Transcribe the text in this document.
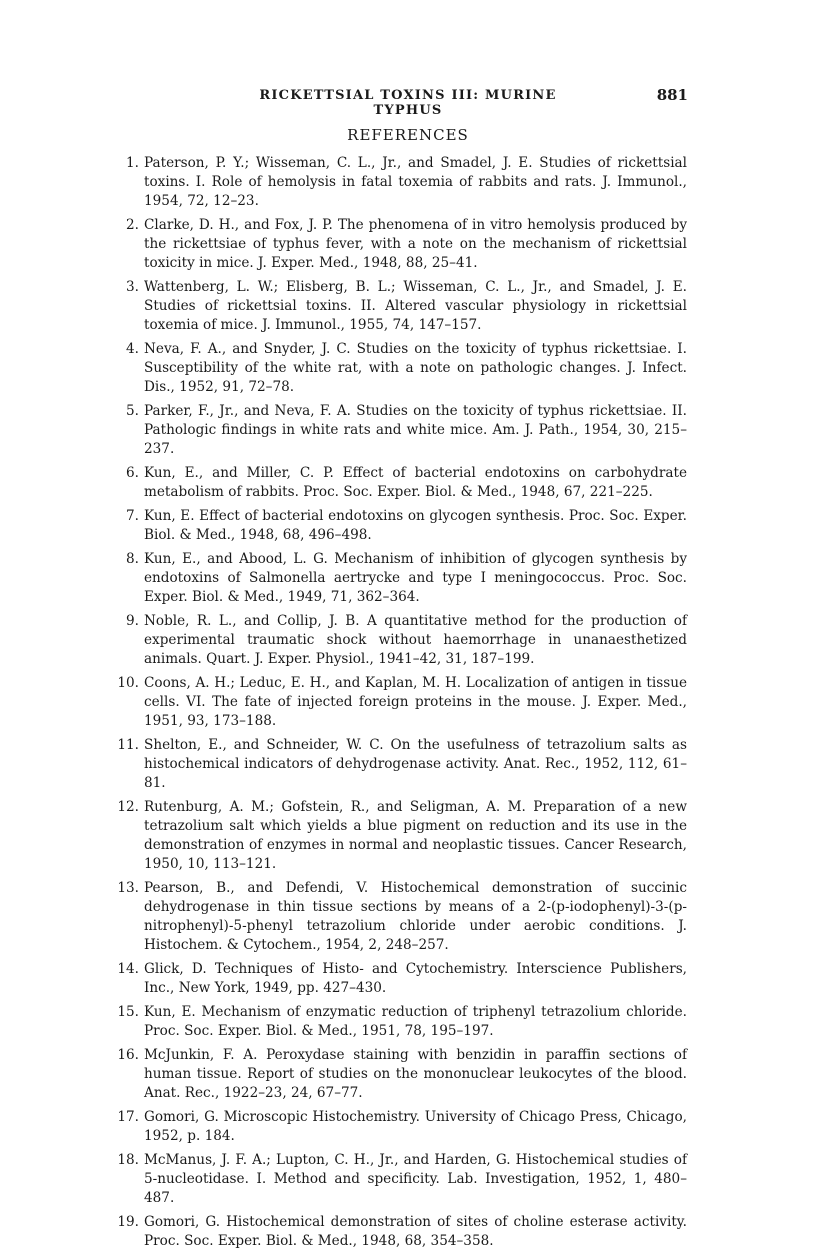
RICKETTSIAL TOXINS III: MURINE TYPHUS
881
REFERENCES
1 . Paterson, P. Y.; Wisseman, C. L., Jr., and Smadel, J. E. Studies of rickettsial toxins. I. Role of hemolysis in fatal toxemia of rabbits and rats. J. Immunol., 1954, 72, 12–23.
2 . Clarke, D. H., and Fox, J. P. The phenomena of in vitro hemolysis produced by the rickettsiae of typhus fever, with a note on the mechanism of rickettsial toxicity in mice. J. Exper. Med., 1948, 88, 25–41.
3 . Wattenberg, L. W.; Elisberg, B. L.; Wisseman, C. L., Jr., and Smadel, J. E. Studies of rickettsial toxins. II. Altered vascular physiology in rickettsial toxemia of mice. J. Immunol., 1955, 74, 147–157.
4 . Neva, F. A., and Snyder, J. C. Studies on the toxicity of typhus rickettsiae. I. Susceptibility of the white rat, with a note on pathologic changes. J. Infect. Dis., 1952, 91, 72–78.
5 . Parker, F., Jr., and Neva, F. A. Studies on the toxicity of typhus rickettsiae. II. Pathologic findings in white rats and white mice. Am. J. Path., 1954, 30, 215–237.
6 . Kun, E., and Miller, C. P. Effect of bacterial endotoxins on carbohydrate metabolism of rabbits. Proc. Soc. Exper. Biol. & Med., 1948, 67, 221–225.
7 . Kun, E. Effect of bacterial endotoxins on glycogen synthesis. Proc. Soc. Exper. Biol. & Med., 1948, 68, 496–498.
8 . Kun, E., and Abood, L. G. Mechanism of inhibition of glycogen synthesis by endotoxins of Salmonella aertrycke and type I meningococcus. Proc. Soc. Exper. Biol. & Med., 1949, 71, 362–364.
9 . Noble, R. L., and Collip, J. B. A quantitative method for the production of experimental traumatic shock without haemorrhage in unanaesthetized animals. Quart. J. Exper. Physiol., 1941–42, 31, 187–199.
10 . Coons, A. H.; Leduc, E. H., and Kaplan, M. H. Localization of antigen in tissue cells. VI. The fate of injected foreign proteins in the mouse. J. Exper. Med., 1951, 93, 173–188.
11 . Shelton, E., and Schneider, W. C. On the usefulness of tetrazolium salts as histochemical indicators of dehydrogenase activity. Anat. Rec., 1952, 112, 61–81.
12 . Rutenburg, A. M.; Gofstein, R., and Seligman, A. M. Preparation of a new tetrazolium salt which yields a blue pigment on reduction and its use in the demonstration of enzymes in normal and neoplastic tissues. Cancer Research, 1950, 10, 113–121.
13 . Pearson, B., and Defendi, V. Histochemical demonstration of succinic dehydrogenase in thin tissue sections by means of a 2-(p-iodophenyl)-3-(p-nitrophenyl)-5-phenyl tetrazolium chloride under aerobic conditions. J. Histochem. & Cytochem., 1954, 2, 248–257.
14 . Glick, D. Techniques of Histo- and Cytochemistry. Interscience Publishers, Inc., New York, 1949, pp. 427–430.
15 . Kun, E. Mechanism of enzymatic reduction of triphenyl tetrazolium chloride. Proc. Soc. Exper. Biol. & Med., 1951, 78, 195–197.
16 . McJunkin, F. A. Peroxydase staining with benzidin in paraffin sections of human tissue. Report of studies on the mononuclear leukocytes of the blood. Anat. Rec., 1922–23, 24, 67–77.
17 . Gomori, G. Microscopic Histochemistry. University of Chicago Press, Chicago, 1952, p. 184.
18 . McManus, J. F. A.; Lupton, C. H., Jr., and Harden, G. Histochemical studies of 5-nucleotidase. I. Method and specificity. Lab. Investigation, 1952, 1, 480–487.
19 . Gomori, G. Histochemical demonstration of sites of choline esterase activity. Proc. Soc. Exper. Biol. & Med., 1948, 68, 354–358.
